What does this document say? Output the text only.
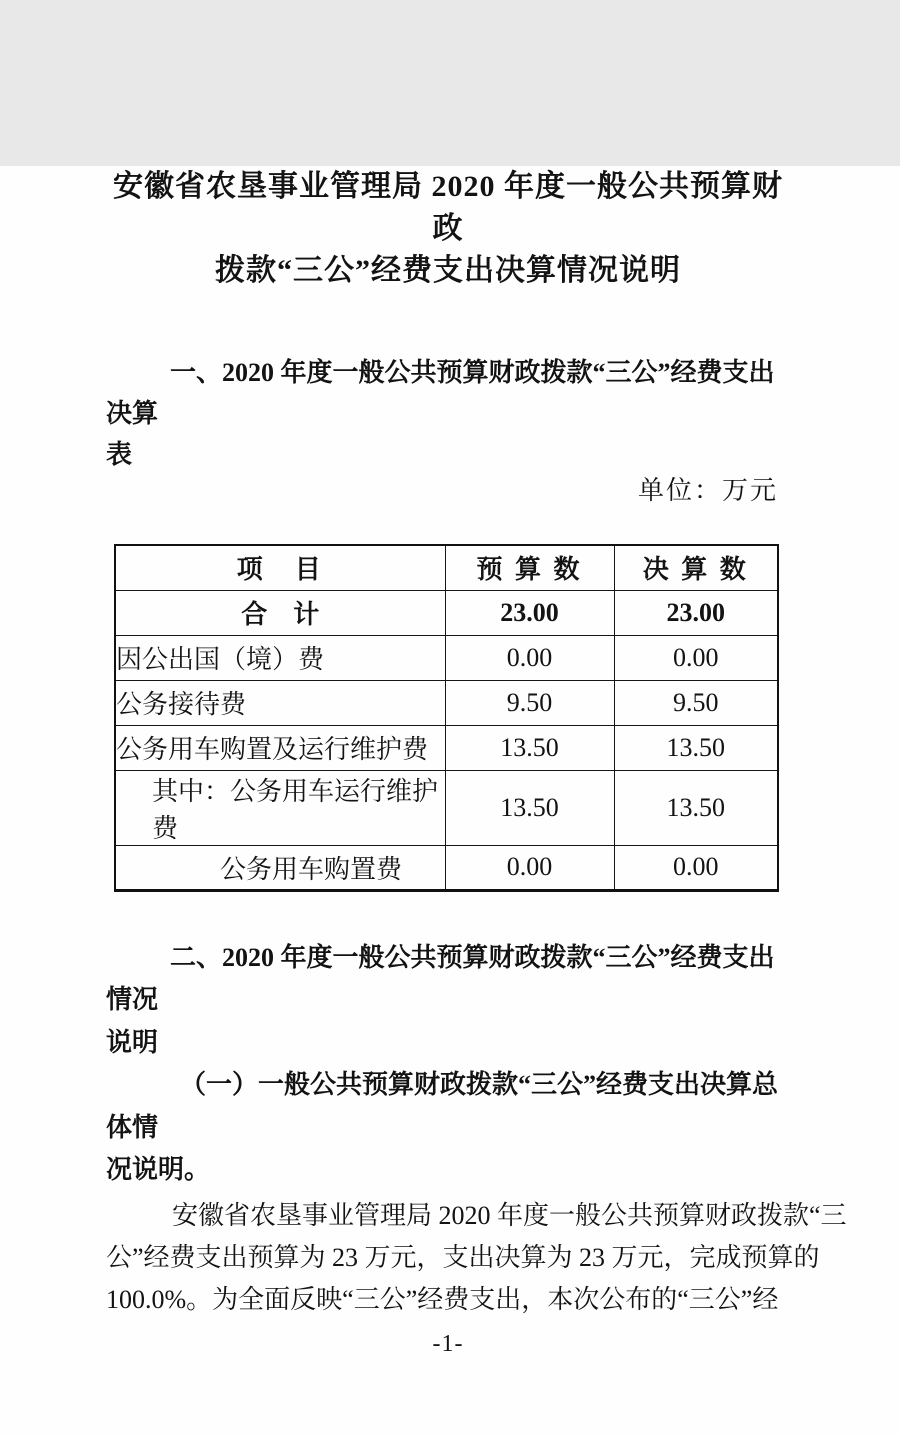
安徽省农垦事业管理局 2020 年度一般公共预算财政
拨款“三公”经费支出决算情况说明
一、2020 年度一般公共预算财政拨款“三公”经费支出决算
表
单位：万元
项　目	预 算 数	决 算 数
合　计	23.00	23.00
因公出国（境）费	0.00	0.00
公务接待费	9.50	9.50
公务用车购置及运行维护费	13.50	13.50
其中：公务用车运行维护费	13.50	13.50
公务用车购置费	0.00	0.00
二、2020 年度一般公共预算财政拨款“三公”经费支出情况
说明
（一）一般公共预算财政拨款“三公”经费支出决算总体情
况说明。
安徽省农垦事业管理局 2020 年度一般公共预算财政拨款“三
公”经费支出预算为 23 万元，支出决算为 23 万元，完成预算的
100.0%。为全面反映“三公”经费支出，本次公布的“三公”经
-1-
